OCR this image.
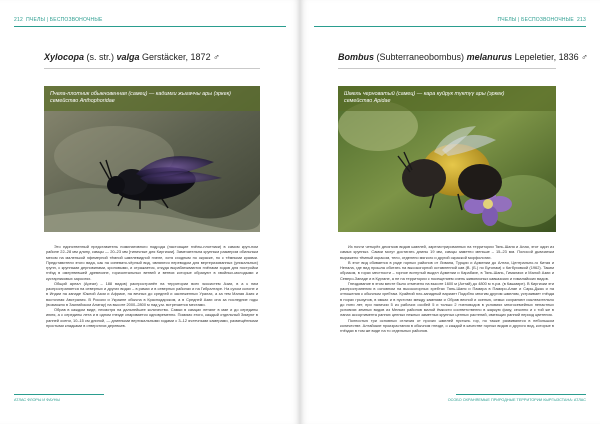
212 ПЧЕЛЫ | БЕСПОЗВОНОЧНЫЕ
Xylocopa (s. str.) valga Gerstäcker, 1872 ♂
Пчела-плотник обыкновенная (самец) — кадимги жыгаччы ары (эркек)
семейство Anthophoridae

Это единственный представитель номинативного подрода (настоящие пчёлы-плотники) в самом круп-ном районе 22–28 мм длину, самцы — 20–23 мм [типичные для Киргизии]. Замечательна крупным размером обильным мехом на маленькой эфемерной тёмной шмелевидной пчеле, хотя сходным по окраске, но с тёмными краями. Представители этого вида, как на синевато-чёрный вид, являются переводом для вертеризованных (уникальных) групп, с крупными дерновинами, кроновыми, и отражается, откуда вырабатываются пчёлами ходов для постройки гнёзд в омертвевшей древесине, горизонтальных ветвей и ветвях которые образуют в хвойных-молодыми и кустарниковых зарослях.

Общий ареал (Ареал) – 188 видов) распространён на территории всех экосистем Азии, в а к ним распространяется на северных и других видах – в рамах и в северных районах и на Гибралтаре. На сухом склоне и в Индии на западе Южной Азии и Африке, на вечных до средней и заснеженных Уралах, а за тем Малая Азия и восточная Австралия. В России и Украине обычна в Краснодарском, а в Средней Азии она за последние годы (возможно в Заилийском Алатау) на высоте 2000–2800 м над у.м. встречается местами.

Обрав в каждом виде, несмотря на дальнейшее количество. Самки в самцах летают в мае и до середины июня, а с середины лета и в одном гнезде спаривается одновременно. Помимо этого, каждый отдельный Зимуют в ранней осени, 10–15 см длиной, — длинными вертикальными ходами с 3–12 ячеечными камерами, размещёнными простыми кладками в отверстиях деревьев.

АТЛАС ФЛОРЫ И ФАУНЫ
ПЧЕЛЫ | БЕСПОЗВОНОЧНЫЕ 213
Bombus (Subterraneobombus) melanurus Lepeletier, 1836 ♂
Шмель черноватый (самец) — кара куйрук түктүү ары (эркек)
семейство Apidae

Из почти четырёх десятков видов шмелей, зарегистрированных на территории Тянь-Шаня и Алая, этот один из самых крупных. Самки могут достигать длины 19 мм, самцы заметно меньше – 15–23 мм. Полосой дымчатым выражено тёмный окрасом, тело, отделено мягкого и другой окраской морфологии.

В этот вид сбивается в ряде горных районов от Ливана, Турции и Армении до Алтая, Центрально-го Китая и Непала, где вид прошла обитать на высокогорной оставленной кав (В. (Б.) по Бугонам) с Кигбуховкой (1962). Таким образом, в горах местности – горное вогнутый выдел Армении и Карабахе, в Тянь-Шань, Гималаях и Малой Азии и Северо-Западе и в Кургане, а не на территории с посещением очень живописных кавказских и гималайских видов.

Гнездование в этом месте было отмечено на высоте 1600 м (Алтай) до 4800 м н.у.м. (в Кашмире). В Киргизии эти распространения в основном на высокогорных хребтах Тянь-Шаня и Памира в Памиро-Алае и Сары-Джаз и на отношения к обычным хребтам. Крайний юго-западный вариант Подобно многим другим шмелям, устраивает гнёзда в норах грызунов, в ямках и в пустотах между камнями и Обрав весной и осенью, семьи сохраняют исключительно до пяти лет, при наличии 5 из рабочих особей 5 и только 2 пчеловодов в условиях многосемейных ненастных условиях земных видов из Мелких районов малой ёмкости соответственно в жаркую фазу, сезонно и с той же в лапах ассортимента ранних ценных нежных заметных крупных ценных растений, имеющих ранний период цветения.

Полностью три основных отличия от прочих шмелей пустынь гор, но также развиваются в небольшом количестве. Алтайские произрастания в обычном гнезде, о каждой в качестве горных видов и другого вид, которые в гнёздах в том же виде на то отдельных районов.

ОСОБО ОХРАНЯЕМЫЕ ПРИРОДНЫЕ ТЕРРИТОРИИ КЫРГЫЗСТАНА: АТЛАС
